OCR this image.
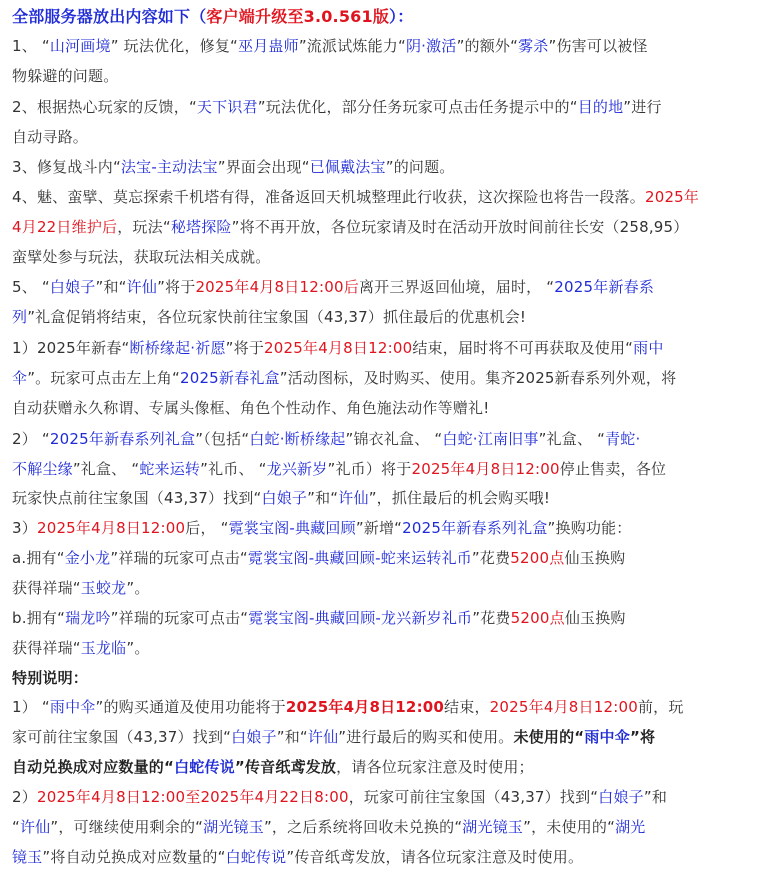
全部服务器放出内容如下（客户端升级至3.0.561版）：
1、 “山河画境” 玩法优化，修复“巫月蛊师”流派试炼能力“阴·激活”的额外“雾杀”伤害可以被怪
物躲避的问题。
2、根据热心玩家的反馈，“天下识君”玩法优化，部分任务玩家可点击任务提示中的“目的地”进行
自动寻路。
3、修复战斗内“法宝-主动法宝”界面会出现“已佩戴法宝”的问题。
4、魅、蛮擘、莫忘探索千机塔有得，准备返回天机城整理此行收获，这次探险也将告一段落。2025年
4月22日维护后，玩法“秘塔探险”将不再开放，各位玩家请及时在活动开放时间前往长安（258,95）
蛮擘处参与玩法，获取玩法相关成就。
5、 “白娘子”和“许仙”将于2025年4月8日12:00后离开三界返回仙境，届时， “2025年新春系
列”礼盒促销将结束，各位玩家快前往宝象国（43,37）抓住最后的优惠机会!
1）2025年新春“断桥缘起·祈愿”将于2025年4月8日12:00结束，届时将不可再获取及使用“雨中
伞”。玩家可点击左上角“2025新春礼盒”活动图标，及时购买、使用。集齐2025新春系列外观，将
自动获赠永久称谓、专属头像框、角色个性动作、角色施法动作等赠礼!
2） “2025年新春系列礼盒”（包括“白蛇·断桥缘起”锦衣礼盒、 “白蛇·江南旧事”礼盒、 “青蛇·
不解尘缘”礼盒、 “蛇来运转”礼币、 “龙兴新岁”礼币）将于2025年4月8日12:00停止售卖，各位
玩家快点前往宝象国（43,37）找到“白娘子”和“许仙”，抓住最后的机会购买哦!
3）2025年4月8日12:00后， “霓裳宝阁-典藏回顾”新增“2025年新春系列礼盒”换购功能：
a.拥有“金小龙”祥瑞的玩家可点击“霓裳宝阁-典藏回顾-蛇来运转礼币”花费5200点仙玉换购
获得祥瑞“玉蛟龙”。
b.拥有“瑞龙吟”祥瑞的玩家可点击“霓裳宝阁-典藏回顾-龙兴新岁礼币”花费5200点仙玉换购
获得祥瑞“玉龙临”。
特别说明：
1） “雨中伞”的购买通道及使用功能将于2025年4月8日12:00结束，2025年4月8日12:00前，玩
家可前往宝象国（43,37）找到“白娘子”和“许仙”进行最后的购买和使用。未使用的“雨中伞”将
自动兑换成对应数量的“白蛇传说”传音纸鸢发放，请各位玩家注意及时使用；
2）2025年4月8日12:00至2025年4月22日8:00，玩家可前往宝象国（43,37）找到“白娘子”和
“许仙”，可继续使用剩余的“湖光镜玉”，之后系统将回收未兑换的“湖光镜玉”，未使用的“湖光
镜玉”将自动兑换成对应数量的“白蛇传说”传音纸鸢发放，请各位玩家注意及时使用。
